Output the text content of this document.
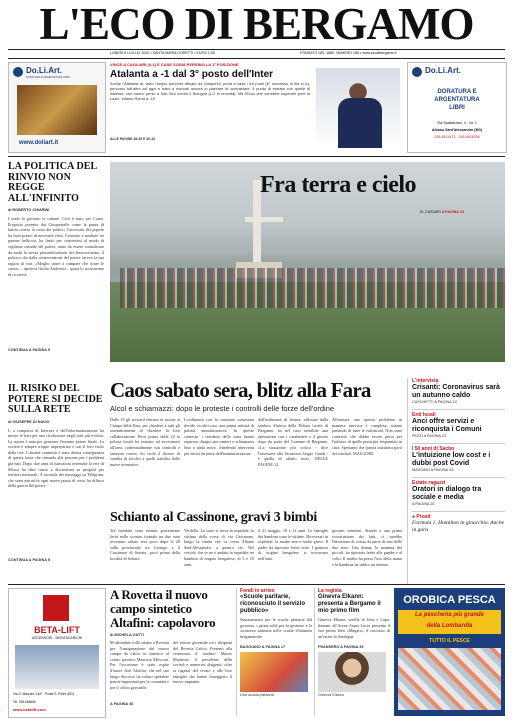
L'ECO DI BERGAMO
LUNEDÌ 6 LUGLIO 2020 • SANTA MARIA GORETTI • EURO 1,50	FONDATO NEL 1880. NUMERO 185 • www.ecodibergamo.it
Do.Li.Art.
DORATURA E ARGENTATURA LIBRI
www.doliart.it
VINCE A CAGLIARI (0-1) E CASE SODIA PERSINO LA 1ª POSIZIONE
Atalanta a -1 dal 3° posto dell'Inter
Anche l'Atalanta di, visto l'ampio turnover attuato da Gasperini, porta a casa i tre punti (8° successo di fila in A), percorso tutt'altro ad agio e traini e mercati ancora in palmare di contrastare. Il punto di entrata con quelle di insieme, che hanno perso a San Siro contro il Bologna (1-2 in rimonta). Ma l'Ecco che vorrebbe superare pure la Lazio. Intanto Roma a -15
ALLE PAGINE 38-39 E 40-42
Do.Li.Art.
DORATURA E
ARGENTATURA
LIBRI
Via Spallanzani, 4 - int. 1
Albano Sant'Alessandro (BG)
035.4521473 - 345.4618336
LA POLITICA DEL RINVIO NON REGGE ALL'INFINITO
di ROBERTO CHIARINI
I nodo la governo si cantare. Così è stato per Conte. Proposto premier dai Cinquestelle come la punta di lancia contro la casta dei politici, l'avvocato del popolo ha fatto presto di necessità virtù. Costretto a mediare tra partner bellicosi, ha finito per convertirsi al modo di vigilante custode del potere, tanto da essere considerato da molti la stessa personificazione del democristiano, il politico che dalla conservazione del potere faceva la sua ragion di vita. «Meglio tirare a campare che tirare le cuoia» – ripeteva Giulio Andreotti – quasi lo accusavano di ricorrere
CONTINUA A PAGINA 5
Fra terra e cielo
M. CASSARI A PAGINA 13
IL RISIKO DEL POTERE SI DECIDE SULLA RETE
di GIUSEPPE DI NAVIO
L a comparsa di Internet e dell'informatizzazione ha messo le basi per una rivoluzione negli stati più evoluti. La nostra è nata per generare l'enorme potere finale. La società è sempre troppo impreparata e con il loro ruolo della rete. L'attuale contrasto è stata diretta conseguenza di questa fonte che rimanda alle persone per i problemi già nati. Dopo due anni di istituzioni inventate la rete di Mosca ha dato inizio a discussioni su progetti per territori nazionali. A seconda dei messaggi su Telegram, che sono entrati in ogni nuovo punto di vista, ha diffuso della guerra del potere.
CONTINUA A PAGINA 5
Caos sabato sera, blitz alla Fara
Alcol e schiamazzi: dopo le proteste i controlli delle forze dell'ordine
Dalle 19 gli steward entrano in azione al Campo della Fara, per chiedere a tutti gli assembramenti di chiedere la loro collaborazione. Poco prima delle 22 la polizia locale ha iniziato ad avvicinarsi all'area, contestualmente con controlli e sanzioni contro chi viola il divieto di vendita di alcolici a quelli stabilito dalle nuove normative.
L'ordinanza con la sanzione contestata decide, in altri casi, una prima attività di polizia amministrativa. In questo contesto, i residenti della zona hanno espresso disagio per rumori e schiamazzi fino a tarda notte, chiedendo interventi più decisi da parte dell'amministrazione.
dell'ordinanza di lettura, affissata dalla sindaco d'intesa della Polizia locale di Bergamo, ha nel caso sensibile una operazione con i carabinieri e il giorno dopo da parte del Comune di Bergamo. «La situazione più critica - dice l'assessore alla Sicurezza Sergio Gandi - è quella di sabato sera». NELLE PAGINE 12
Affrontare uno questo problema in maniera univoca e completa, stiamo parlando di tutte le istituzioni. Non sono contrario che debba essere presa per l'utilizzo di quelle punti più frequentati in città. Speriamo che questa iniziativa porti dei risultati. MALGORE
Schianto al Cassinone, gravi 3 bimbi
Tre bambini sono rimasti gravemente feriti nello scontro frontale tra due auto avvenuto sabato sera poco dopo le 20 sulla provinciale tra Casnigo e il Cassinone di Seriate, poco prima della località di Seriate.
Verdello. La sorte si trova in ospedale, la vittima della corsa di via Cassinone, lungo la strada che va verso Albano Sant'Alessandro, a quattro vie. Nel veicolo che se ne è andato in ospedale tre bambini di origine bengalese, di 5 e 10 anni.
il 21 maggio, 10 e 12 anni. Le famiglie dei bambini sono le vittime. Ricoverati in ospedale, la madre non è molto grave. Il padre ha riportato ferite serie. I genitori di origine bengalese si trovavano nell'auto.
giovani ventenni. Stando a una prima ricostruzione dei fatti, ci sarebbe l'invasione di corsia da parte di una delle due auto. Una donna, la mamma dei piccoli, ha riportato ferite alle gambe e al volto. Il marito ha perso l'uso della mano e la bambina ha subito un trauma.
L'intervista
Crisanti: Coronavirus sarà un autunno caldo
CASCHETTI A PAGINA 10
Enti locali
Anci offre servizi e riconquista i Comuni
PEZZI A PAGINA 22
I 50 anni di Sacbo
L'intuizione low cost e i dubbi post Covid
MASSIMO A PAGINA 24
Estate ragazzi
Oratori in dialogo tra sociale e media
A PAGINA 25
● Prosit
Formula 1, Hamilton in ginocchio. Anche in gara
BETA-LIFT
ASCENSORI - MONTACARICHI
Via G. Marconi, 14/F - Ponte S. Pietro (BG)
Tel. 035.666666
www.betalift.com
A Rovetta il nuovo campo sintetico Altafini: capolavoro
di MICHELA GATTI
M ultitudine folla sabato a Rovetta per l'inaugurazione del nuovo campo da calcio in sintetico al centro sportivo Maurizio Mosconi. Per l'occasione è stato ospite d'onore José Altafini, che nel suo lungo discorso ha voluto spendere parole importanti per la comunità e per il calcio giovanile.
del settore giovanile tra i dirigenti del Rovetta Calcio. Presenti alla cerimonia il sindaco Mauro Marinoni, il presidente della società e numerosi dirigenti, oltre ai ragazzi del vivaio e alle loro famiglie che hanno festeggiato il nuovo impianto.
A PAGINA 40
Fondi in arrivo
«Scuole paritarie, riconosciuto il servizio pubblico»
Stanziamento per le scuole paritarie dal governo: i primi soldi per la gestione e la sicurezza sanitaria nelle scuole d'infanzia bergamasche.
BAGGIANO A PAGINA 17
Una scuola paritaria
La regista
Ginevra Elkann: presenta a Bergamo il mio primo film
Ginevra Elkann, sorella di John e Lapo, domani all'Arena Santa Lucia presenta il suo primo film «Magari», il racconto di un'estate in Sardegna.
FRANSERO A PAGINA 35
Ginevra Elkann
OROBICA PESCA
La pescheria più grande
della Lombardia
TUTTO IL PESCE
